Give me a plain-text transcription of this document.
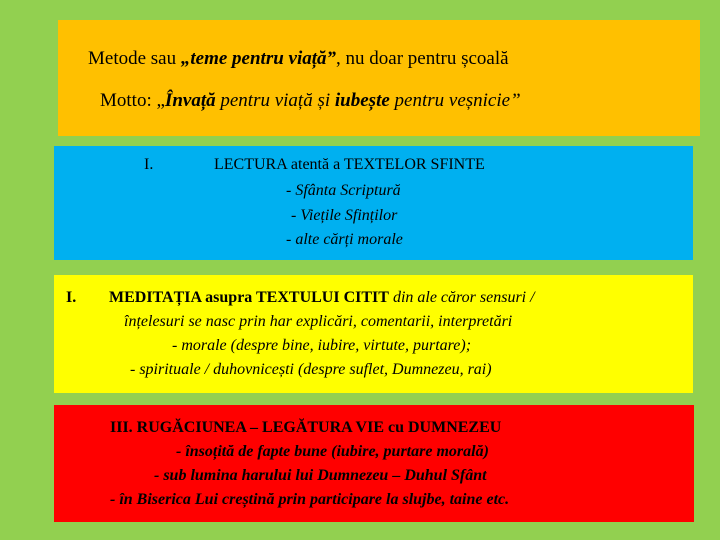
Metode sau „teme pentru viață”, nu doar pentru școală
Motto: „Învață pentru viață și iubește pentru veșnicie”
I.	LECTURA atentă a TEXTELOR SFINTE
- Sfânta Scriptură
- Viețile Sfinților
- alte cărți morale
I. MEDITAȚIA asupra TEXTULUI CITIT din ale căror sensuri /
înțelesuri se nasc prin har explicări, comentarii, interpretări
- morale (despre bine, iubire, virtute, purtare);
- spirituale / duhovnicești (despre suflet, Dumnezeu, rai)
III. RUGĂCIUNEA – LEGĂTURA VIE cu DUMNEZEU
- însoțită de fapte bune (iubire, purtare morală)
- sub lumina harului lui Dumnezeu – Duhul Sfânt
- în Biserica Lui creștină prin participare la slujbe, taine etc.
